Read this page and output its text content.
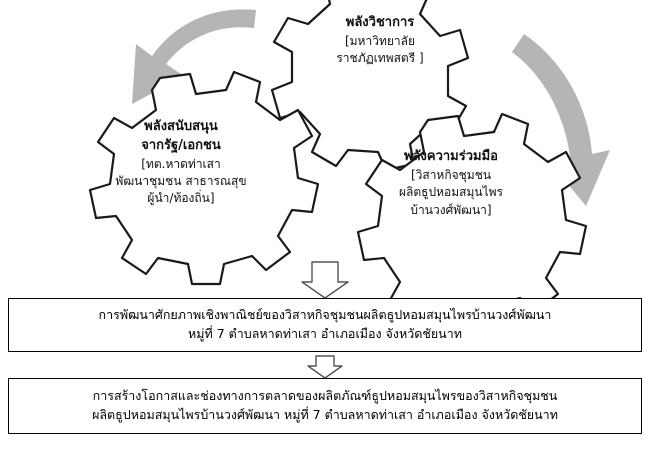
พลังวิชาการ
[มหาวิทยาลัย
ราชภัฏเทพสตรี ]
พลังสนับสนุน
จากรัฐ/เอกชน
[ทต.หาดท่าเสา
พัฒนาชุมชน สาธารณสุข
ผู้นำ/ท้องถิ่น]
พลังความร่วมมือ
[วิสาหกิจชุมชน
ผลิตธูปหอมสมุนไพร
บ้านวงศ์พัฒนา]
การพัฒนาศักยภาพเชิงพาณิชย์ของวิสาหกิจชุมชนผลิตธูปหอมสมุนไพรบ้านวงศ์พัฒนา
หมู่ที่ 7 ตำบลหาดท่าเสา อำเภอเมือง จังหวัดชัยนาท
การสร้างโอกาสและช่องทางการตลาดของผลิตภัณฑ์ธูปหอมสมุนไพรของวิสาหกิจชุมชน
ผลิตธูปหอมสมุนไพรบ้านวงศ์พัฒนา หมู่ที่ 7 ตำบลหาดท่าเสา อำเภอเมือง จังหวัดชัยนาท
